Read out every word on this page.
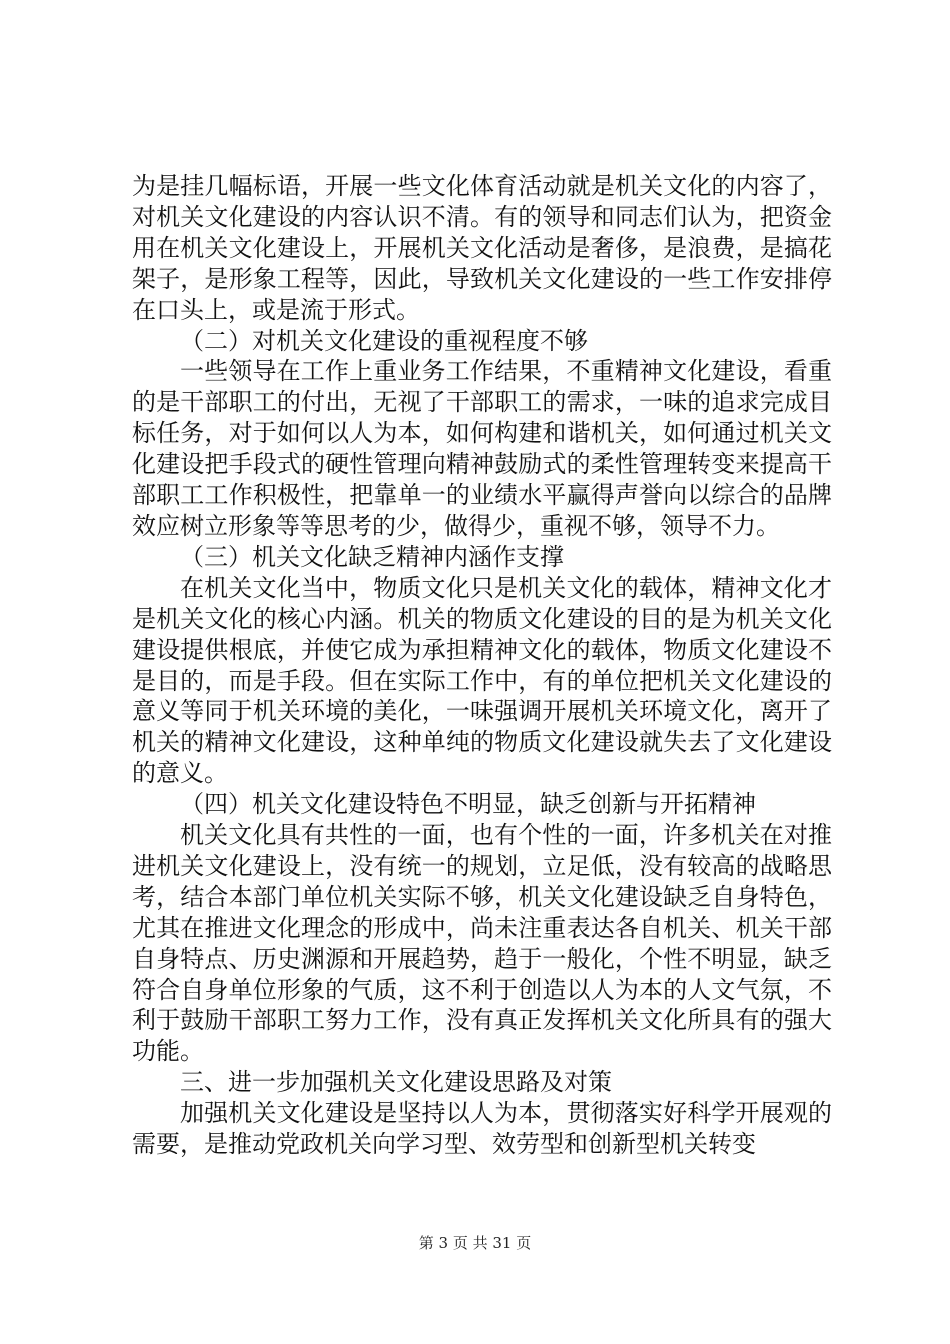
为是挂几幅标语，开展一些文化体育活动就是机关文化的内容了，对机关文化建设的内容认识不清。有的领导和同志们认为，把资金用在机关文化建设上，开展机关文化活动是奢侈，是浪费，是搞花架子，是形象工程等，因此，导致机关文化建设的一些工作安排停在口头上，或是流于形式。

（二）对机关文化建设的重视程度不够

一些领导在工作上重业务工作结果，不重精神文化建设，看重的是干部职工的付出，无视了干部职工的需求，一味的追求完成目标任务，对于如何以人为本，如何构建和谐机关，如何通过机关文化建设把手段式的硬性管理向精神鼓励式的柔性管理转变来提高干部职工工作积极性，把靠单一的业绩水平赢得声誉向以综合的品牌效应树立形象等等思考的少，做得少，重视不够，领导不力。

（三）机关文化缺乏精神内涵作支撑

在机关文化当中，物质文化只是机关文化的载体，精神文化才是机关文化的核心内涵。机关的物质文化建设的目的是为机关文化建设提供根底，并使它成为承担精神文化的载体，物质文化建设不是目的，而是手段。但在实际工作中，有的单位把机关文化建设的意义等同于机关环境的美化，一味强调开展机关环境文化，离开了机关的精神文化建设，这种单纯的物质文化建设就失去了文化建设的意义。

（四）机关文化建设特色不明显，缺乏创新与开拓精神

机关文化具有共性的一面，也有个性的一面，许多机关在对推进机关文化建设上，没有统一的规划，立足低，没有较高的战略思考，结合本部门单位机关实际不够，机关文化建设缺乏自身特色，尤其在推进文化理念的形成中，尚未注重表达各自机关、机关干部自身特点、历史渊源和开展趋势，趋于一般化，个性不明显，缺乏符合自身单位形象的气质，这不利于创造以人为本的人文气氛，不利于鼓励干部职工努力工作，没有真正发挥机关文化所具有的强大功能。

三、进一步加强机关文化建设思路及对策

加强机关文化建设是坚持以人为本，贯彻落实好科学开展观的需要，是推动党政机关向学习型、效劳型和创新型机关转变

第 3 页 共 31 页
